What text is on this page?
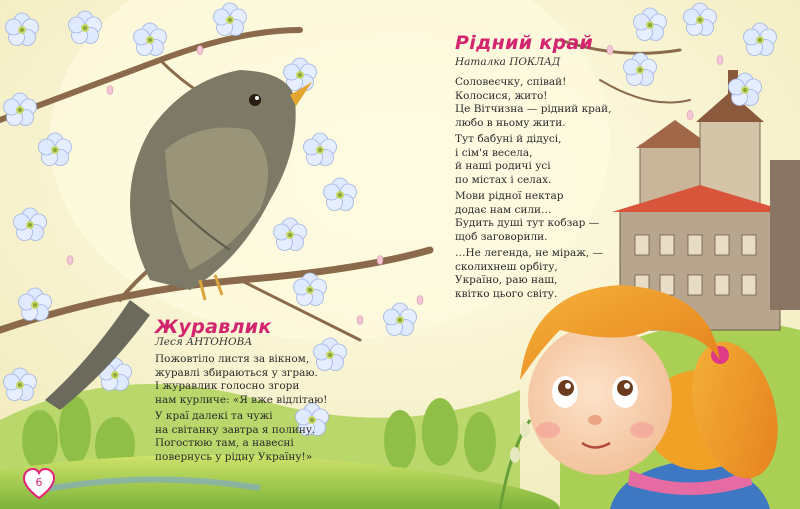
Рідний край

Наталка ПОКЛАД

Соловеєчку, співай!
Колосися, жито!
Це Вітчизна — рідний край,
любо в ньому жити.
Тут бабуні й дідусі,
і сім'я весела,
й наші родичі усі
по містах і селах.
Мови рідної нектар
додає нам сили…
Будить душі тут кобзар —
щоб заговорили.
…Не легенда, не міраж, —
сколихнеш орбіту,
Україно, раю наш,
квітко цього світу.
Журавлик

Леся АНТОНОВА

Пожовтіло листя за вікном,
журавлі збираються у зграю.
І журавлик голосно згори
нам курличе: «Я вже відлітаю!
У краї далекі та чужі
на світанку завтра я полину.
Погостюю там, а навесні
повернусь у рідну Україну!»
6
